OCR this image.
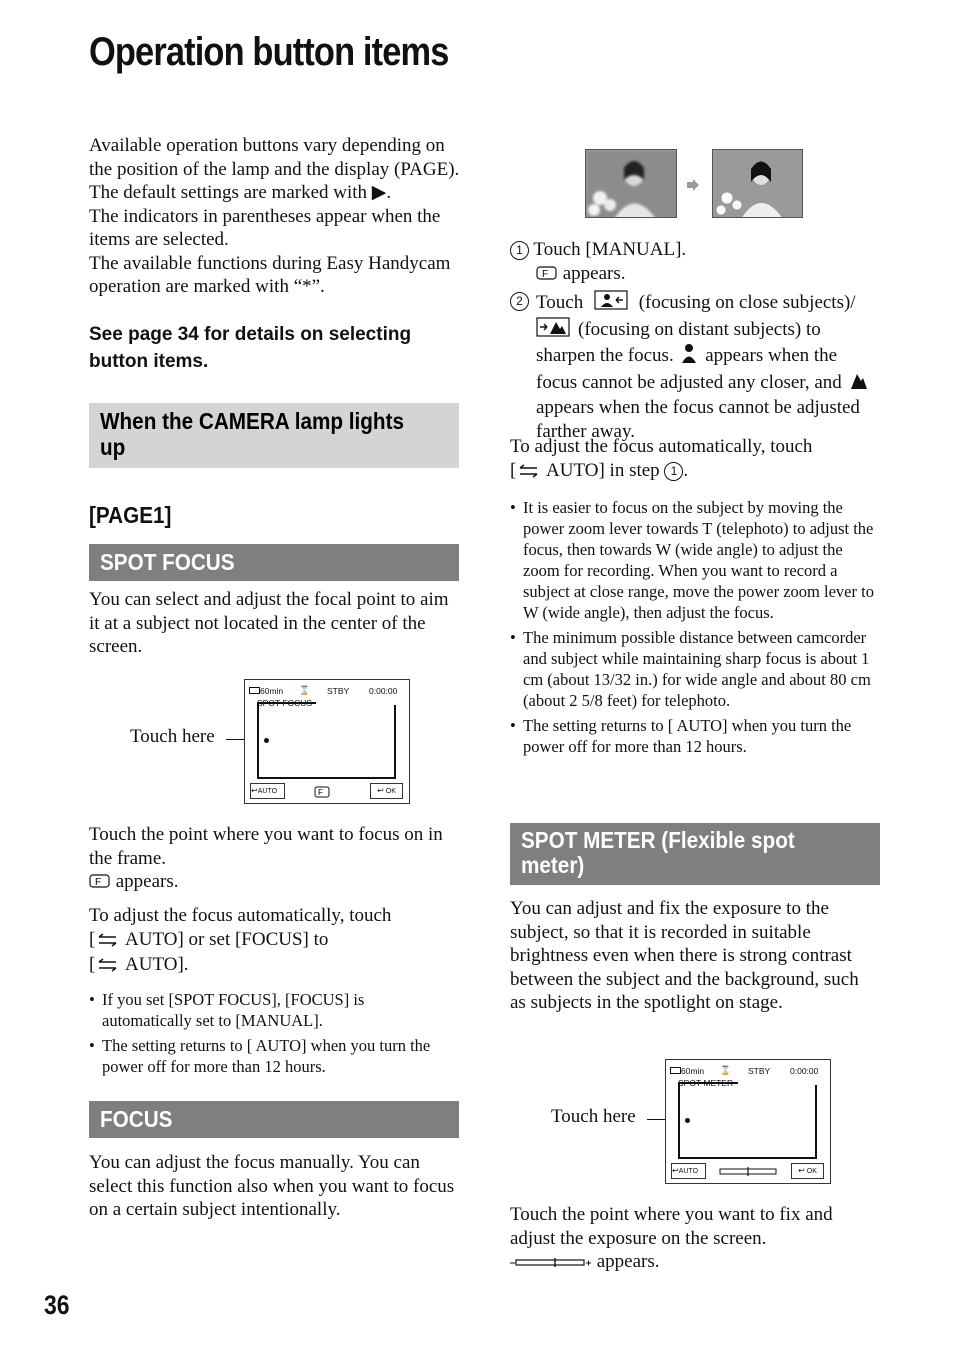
Operation button items
Available operation buttons vary depending on the position of the lamp and the display (PAGE).
The default settings are marked with ▶.
The indicators in parentheses appear when the items are selected.
The available functions during Easy Handycam operation are marked with “*”.
See page 34 for details on selecting button items.
When the CAMERA lamp lights up
[PAGE1]
SPOT FOCUS
You can select and adjust the focal point to aim it at a subject not located in the center of the screen.
Touch here
60min ⌛ STBY 0:00:00
SPOT FOCUS
↩AUTO	F	↩ OK
Touch the point where you want to focus on in the frame.
F appears.
To adjust the focus automatically, touch
[ AUTO] or set [FOCUS] to
[ AUTO].
• If you set [SPOT FOCUS], [FOCUS] is automatically set to [MANUAL].
• The setting returns to [ AUTO] when you turn the power off for more than 12 hours.
FOCUS
You can adjust the focus manually. You can select this function also when you want to focus on a certain subject intentionally.
36
1 Touch [MANUAL].
F appears.
2 Touch	(focusing on close subjects)/
(focusing on distant subjects) to sharpen the focus. appears when the focus cannot be adjusted any closer, and  appears when the focus cannot be adjusted farther away.
To adjust the focus automatically, touch
[ AUTO] in step 1 .
• It is easier to focus on the subject by moving the power zoom lever towards T (telephoto) to adjust the focus, then towards W (wide angle) to adjust the zoom for recording. When you want to record a subject at close range, move the power zoom lever to W (wide angle), then adjust the focus.
• The minimum possible distance between camcorder and subject while maintaining sharp focus is about 1 cm (about 13/32 in.) for wide angle and about 80 cm (about 2 5/8 feet) for telephoto.
• The setting returns to [ AUTO] when you turn the power off for more than 12 hours.
SPOT METER (Flexible spot meter)
You can adjust and fix the exposure to the subject, so that it is recorded in suitable brightness even when there is strong contrast between the subject and the background, such as subjects in the spotlight on stage.
Touch here
60min ⌛ STBY 0:00:00
SPOT METER
↩AUTO	↩ OK
Touch the point where you want to fix and adjust the exposure on the screen.
appears.
